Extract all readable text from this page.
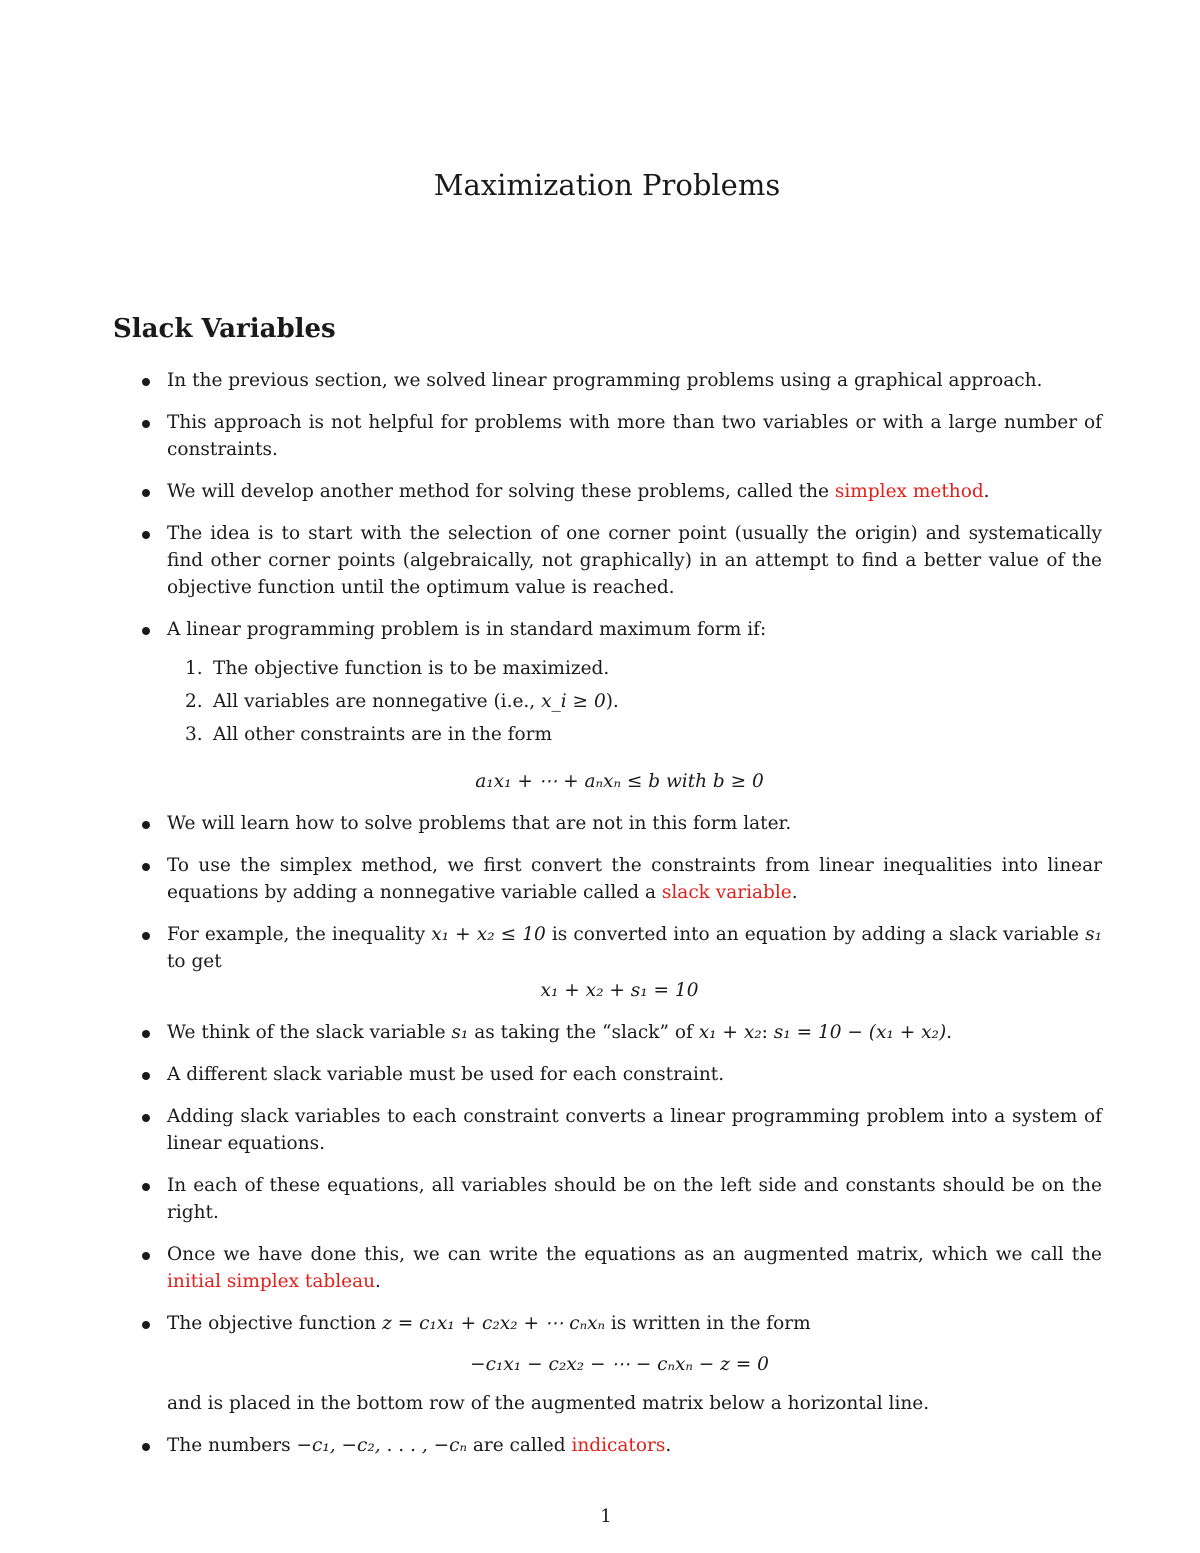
Maximization Problems
Slack Variables
In the previous section, we solved linear programming problems using a graphical approach.
This approach is not helpful for problems with more than two variables or with a large number of constraints.
We will develop another method for solving these problems, called the simplex method.
The idea is to start with the selection of one corner point (usually the origin) and systematically find other corner points (algebraically, not graphically) in an attempt to find a better value of the objective function until the optimum value is reached.
A linear programming problem is in standard maximum form if:
1. The objective function is to be maximized.
2. All variables are nonnegative (i.e., x_i ≥ 0).
3. All other constraints are in the form
a₁x₁ + ⋯ + aₙxₙ ≤ b with b ≥ 0
We will learn how to solve problems that are not in this form later.
To use the simplex method, we first convert the constraints from linear inequalities into linear equations by adding a nonnegative variable called a slack variable.
For example, the inequality x₁ + x₂ ≤ 10 is converted into an equation by adding a slack variable s₁ to get
x₁ + x₂ + s₁ = 10
We think of the slack variable s₁ as taking the “slack” of x₁ + x₂: s₁ = 10 − (x₁ + x₂).
A different slack variable must be used for each constraint.
Adding slack variables to each constraint converts a linear programming problem into a system of linear equations.
In each of these equations, all variables should be on the left side and constants should be on the right.
Once we have done this, we can write the equations as an augmented matrix, which we call the initial simplex tableau.
The objective function z = c₁x₁ + c₂x₂ + ⋯ cₙxₙ is written in the form
−c₁x₁ − c₂x₂ − ⋯ − cₙxₙ − z = 0
and is placed in the bottom row of the augmented matrix below a horizontal line.
The numbers −c₁, −c₂, . . . , −cₙ are called indicators.
1
